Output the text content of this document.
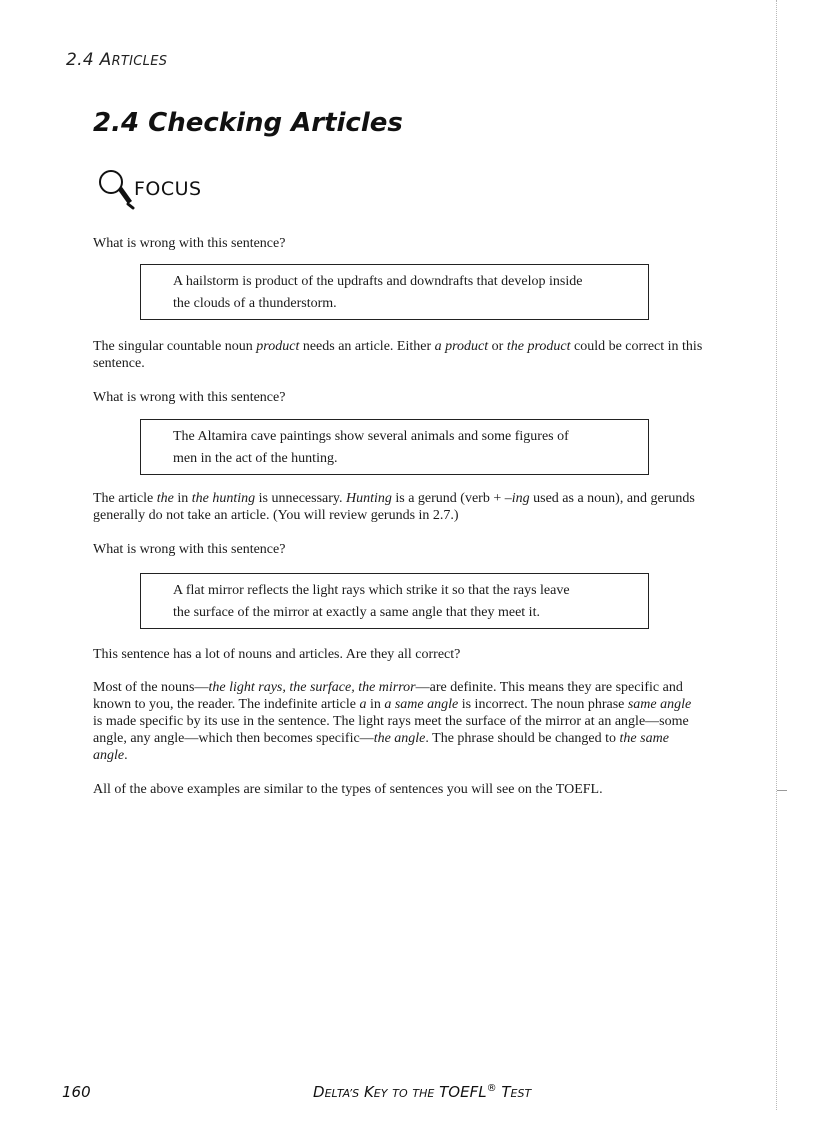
2.4 ARTICLES
2.4 Checking Articles
FOCUS

What is wrong with this sentence?

A hailstorm is product of the updrafts and downdrafts that develop inside
the clouds of a thunderstorm.

The singular countable noun product needs an article. Either a product or the product could be correct in this sentence.

What is wrong with this sentence?

The Altamira cave paintings show several animals and some figures of
men in the act of the hunting.

The article the in the hunting is unnecessary. Hunting is a gerund (verb + –ing used as a noun), and gerunds generally do not take an article. (You will review gerunds in 2.7.)

What is wrong with this sentence?

A flat mirror reflects the light rays which strike it so that the rays leave
the surface of the mirror at exactly a same angle that they meet it.

This sentence has a lot of nouns and articles. Are they all correct?

Most of the nouns—the light rays, the surface, the mirror—are definite. This means they are specific and known to you, the reader. The indefinite article a in a same angle is incorrect. The noun phrase same angle is made specific by its use in the sentence. The light rays meet the surface of the mirror at an angle—some angle, any angle—which then becomes specific—the angle. The phrase should be changed to the same angle.

All of the above examples are similar to the types of sentences you will see on the TOEFL.

160	DELTA’S KEY TO THE TOEFL® TEST
